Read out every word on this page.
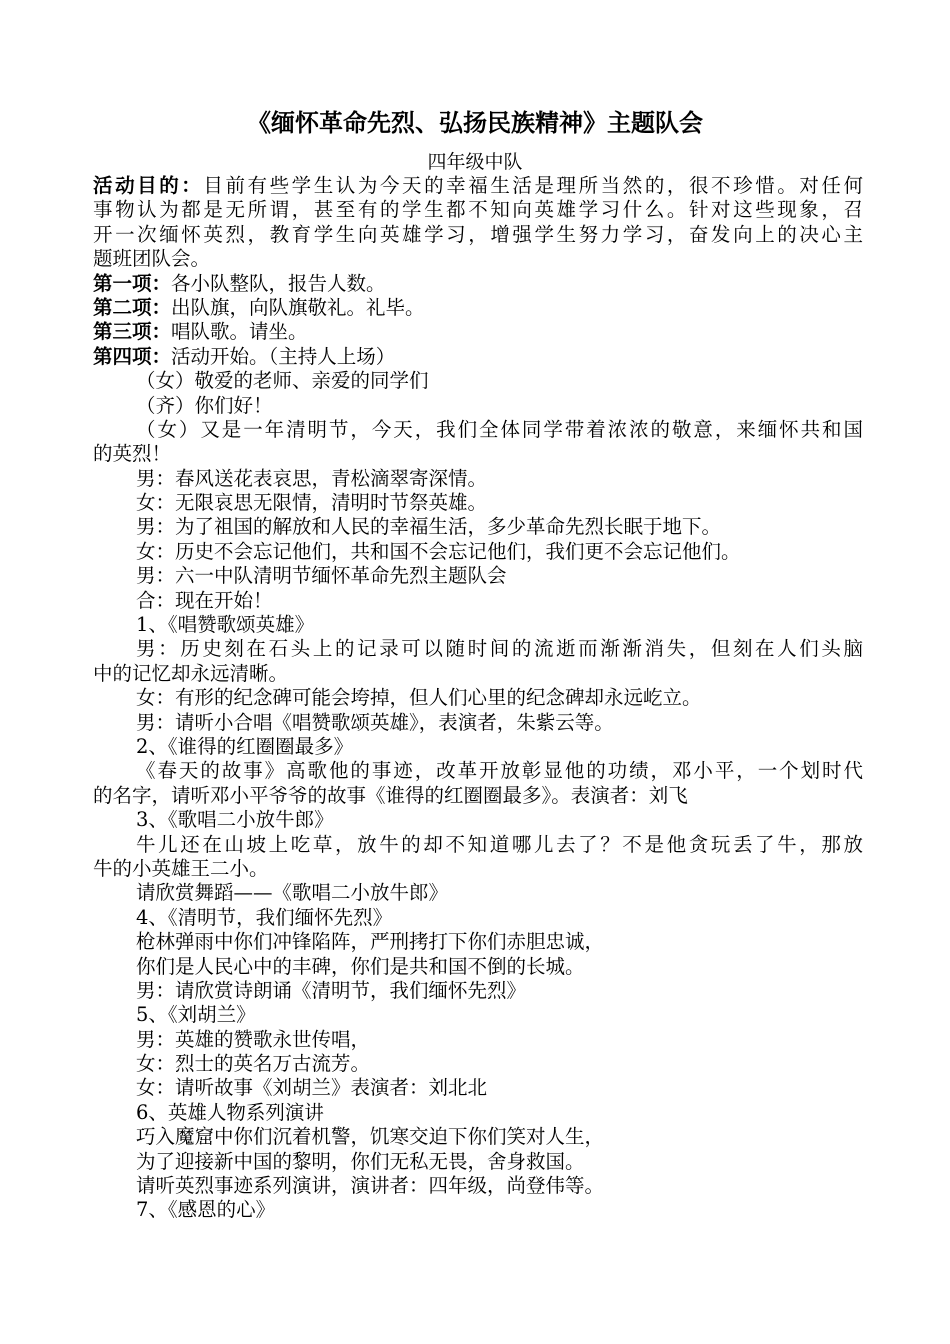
《缅怀革命先烈、弘扬民族精神》主题队会
四年级中队
活动目的：目前有些学生认为今天的幸福生活是理所当然的，很不珍惜。对任何
事物认为都是无所谓，甚至有的学生都不知向英雄学习什么。针对这些现象，召
开一次缅怀英烈，教育学生向英雄学习，增强学生努力学习，奋发向上的决心主
题班团队会。
第一项：各小队整队，报告人数。
第二项：出队旗，向队旗敬礼。礼毕。
第三项：唱队歌。请坐。
第四项：活动开始。（主持人上场）
（女）敬爱的老师、亲爱的同学们
（齐）你们好！
（女）又是一年清明节，今天，我们全体同学带着浓浓的敬意，来缅怀共和国
的英烈！
男：春风送花表哀思，青松滴翠寄深情。
女：无限哀思无限情，清明时节祭英雄。
男：为了祖国的解放和人民的幸福生活，多少革命先烈长眠于地下。
女：历史不会忘记他们，共和国不会忘记他们，我们更不会忘记他们。
男：六一中队清明节缅怀革命先烈主题队会
合：现在开始！
1、《唱赞歌颂英雄》
男：历史刻在石头上的记录可以随时间的流逝而渐渐消失，但刻在人们头脑
中的记忆却永远清晰。
女：有形的纪念碑可能会垮掉，但人们心里的纪念碑却永远屹立。
男：请听小合唱《唱赞歌颂英雄》，表演者，朱紫云等。
2、《谁得的红圈圈最多》
《春天的故事》高歌他的事迹，改革开放彰显他的功绩，邓小平，一个划时代
的名字，请听邓小平爷爷的故事《谁得的红圈圈最多》。表演者：刘飞
3、《歌唱二小放牛郎》
牛儿还在山坡上吃草，放牛的却不知道哪儿去了？不是他贪玩丢了牛，那放
牛的小英雄王二小。
请欣赏舞蹈——《歌唱二小放牛郎》
4、《清明节，我们缅怀先烈》
枪林弹雨中你们冲锋陷阵，严刑拷打下你们赤胆忠诚，
你们是人民心中的丰碑，你们是共和国不倒的长城。
男：请欣赏诗朗诵《清明节，我们缅怀先烈》
5、《刘胡兰》
男：英雄的赞歌永世传唱，
女：烈士的英名万古流芳。
女：请听故事《刘胡兰》表演者：刘北北
6、英雄人物系列演讲
巧入魔窟中你们沉着机警，饥寒交迫下你们笑对人生，
为了迎接新中国的黎明，你们无私无畏，舍身救国。
请听英烈事迹系列演讲，演讲者：四年级，尚登伟等。
7、《感恩的心》
